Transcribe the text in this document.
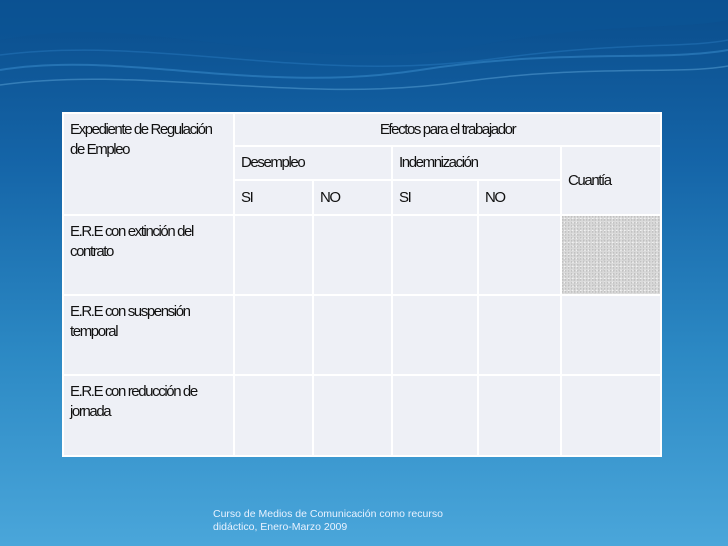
Expediente de Regulación de Empleo	Efectos para el trabajador				
	Desempleo		Indemnización		Cuantía
	SI	NO	SI	NO	
E.R.E con extinción del contrato					
E.R.E con suspensión temporal					
E.R.E con reducción de jornada					
Curso de Medios de Comunicación como recurso
didáctico, Enero-Marzo 2009
